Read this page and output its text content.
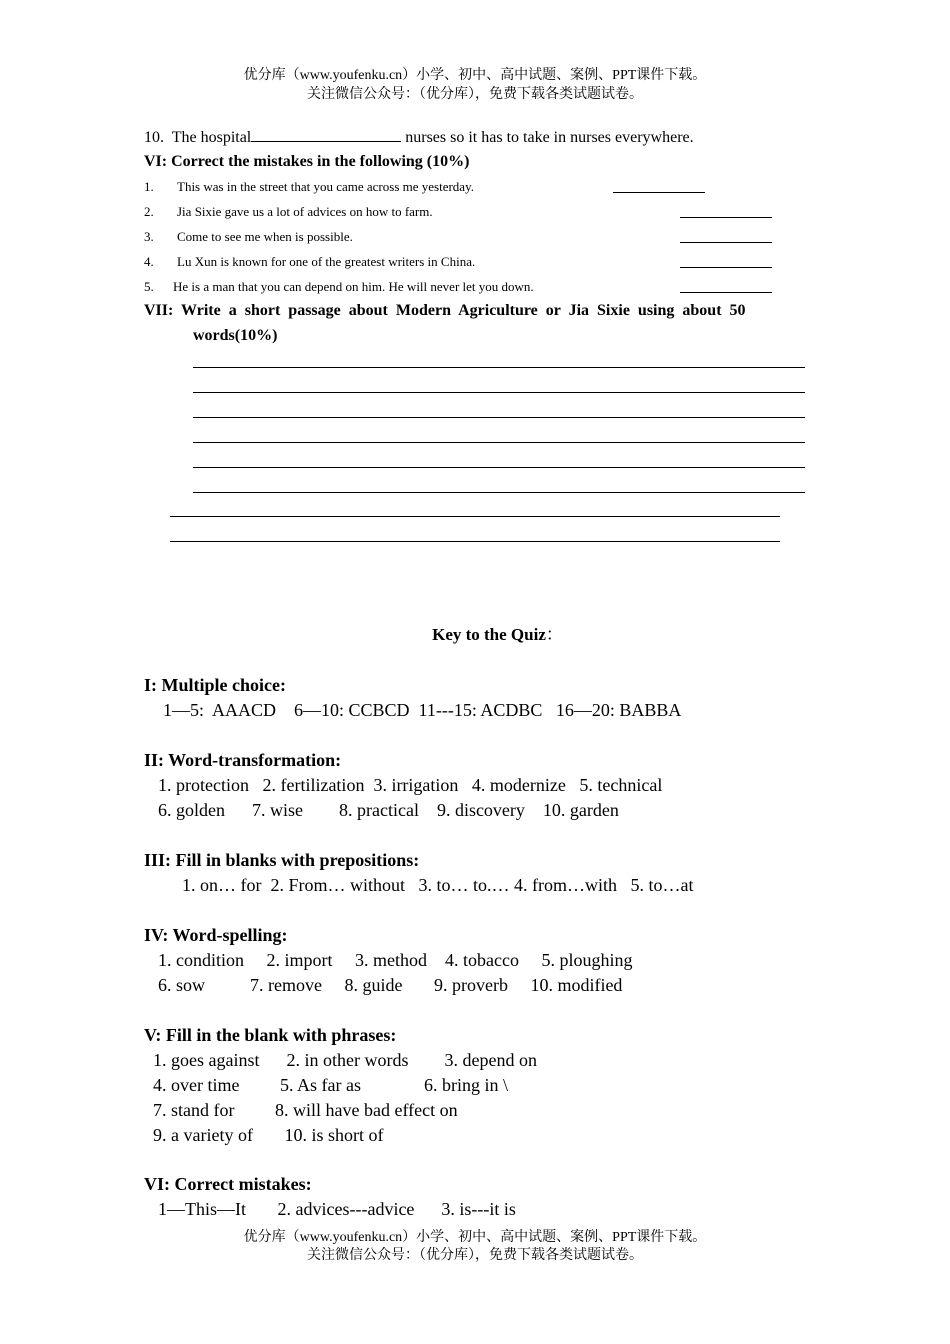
优分库（www.youfenku.cn）小学、初中、高中试题、案例、PPT课件下载。
关注微信公众号：（优分库），免费下载各类试题试卷。
10.  The hospital	nurses so it has to take in nurses everywhere.
VI: Correct the mistakes in the following (10%)
1. This was in the street that you came across me yesterday.
2. Jia Sixie gave us a lot of advices on how to farm.
3. Come to see me when is possible.
4. Lu Xun is known for one of the greatest writers in China.
5. He is a man that you can depend on him. He will never let you down.
VII:  Write  a  short  passage  about  Modern  Agriculture  or  Jia  Sixie  using  about  50
words(10%)
Key to the Quiz：
I: Multiple choice:
1—5:  AAACD    6—10: CCBCD  11---15: ACDBC   16—20: BABBA
II: Word-transformation:
1. protection   2. fertilization  3. irrigation   4. modernize   5. technical
6. golden      7. wise        8. practical    9. discovery    10. garden
III: Fill in blanks with prepositions:
1. on… for  2. From… without   3. to… to.… 4. from…with   5. to…at
IV: Word-spelling:
1. condition     2. import     3. method    4. tobacco     5. ploughing
6. sow          7. remove     8. guide       9. proverb     10. modified
V: Fill in the blank with phrases:
1. goes against      2. in other words        3. depend on
4. over time         5. As far as              6. bring in \
7. stand for         8. will have bad effect on
9. a variety of       10. is short of
VI: Correct mistakes:
1—This—It       2. advices---advice      3. is---it is
优分库（www.youfenku.cn）小学、初中、高中试题、案例、PPT课件下载。
关注微信公众号：（优分库），免费下载各类试题试卷。
